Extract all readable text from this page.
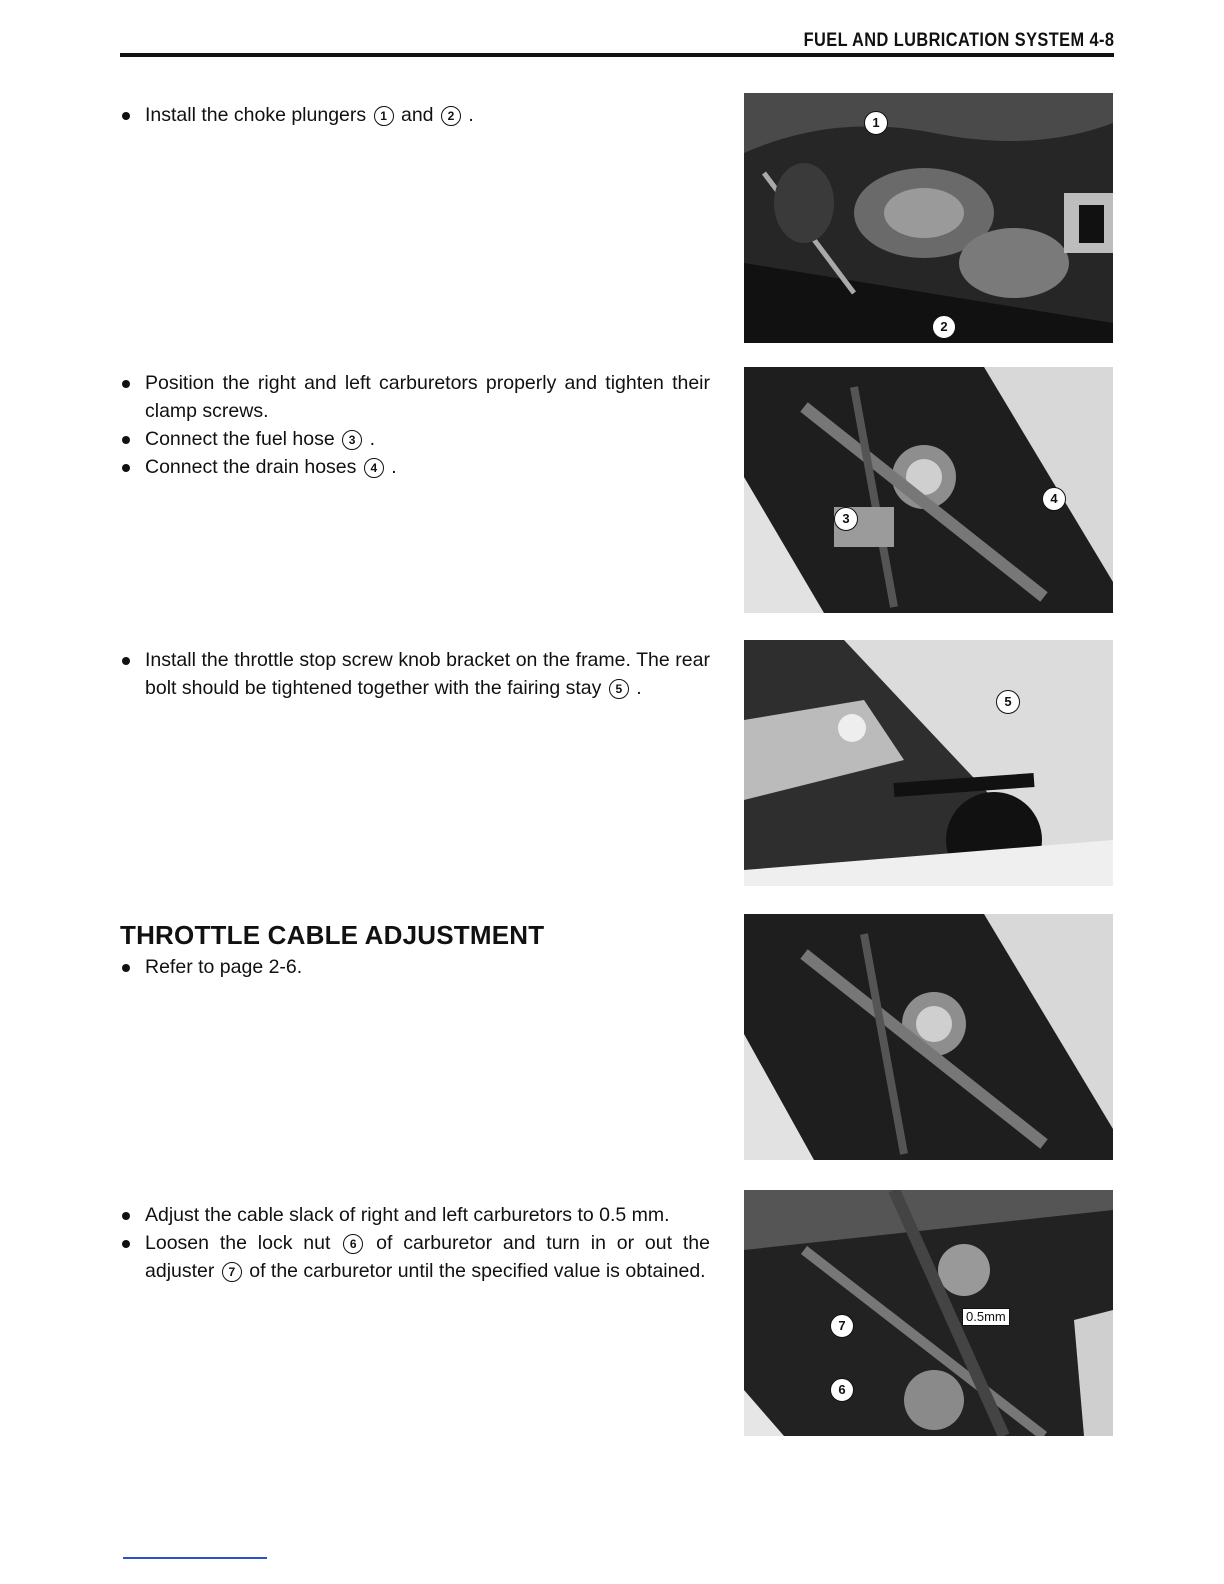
FUEL AND LUBRICATION SYSTEM 4-8
Install the choke plungers 1 and 2 .
Position the right and left carburetors properly and tighten their clamp screws.
Connect the fuel hose 3 .
Connect the drain hoses 4 .
Install the throttle stop screw knob bracket on the frame. The rear bolt should be tightened together with the fairing stay 5 .
THROTTLE CABLE ADJUSTMENT
Refer to page 2-6.
Adjust the cable slack of right and left carburetors to 0.5 mm.
Loosen the lock nut 6 of carburetor and turn in or out the adjuster 7 of the carburetor until the specified value is obtained.
1
2
3
4
5
0.5mm
7
6
